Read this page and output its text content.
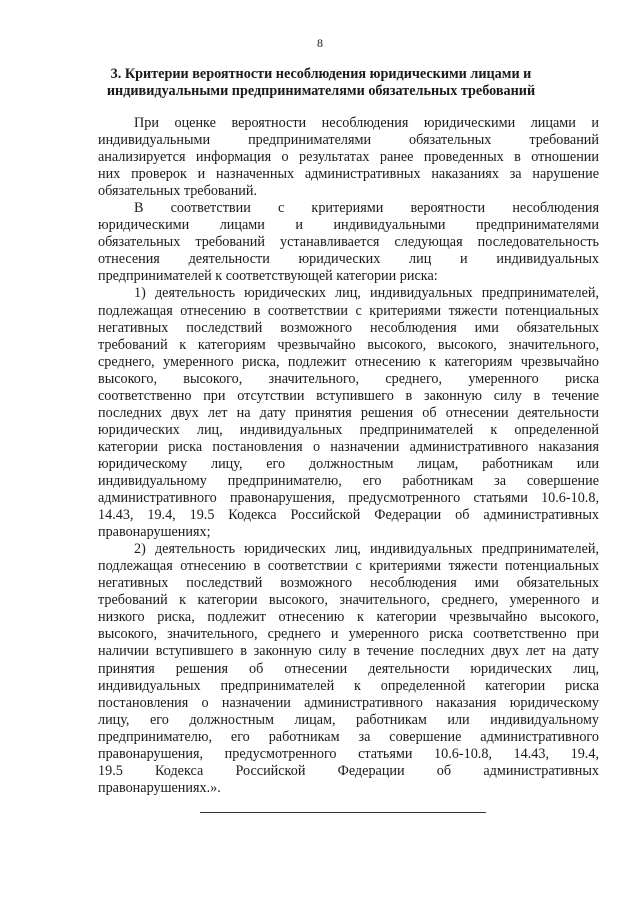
8
3. Критерии вероятности несоблюдения юридическими лицами и
индивидуальными предпринимателями обязательных требований

При оценке вероятности несоблюдения юридическими лицами и

индивидуальными предпринимателями обязательных требований

анализируется информация о результатах ранее проведенных в отношении

них проверок и назначенных административных наказаниях за нарушение

обязательных требований.

В соответствии с критериями вероятности несоблюдения

юридическими лицами и индивидуальными предпринимателями

обязательных требований устанавливается следующая последовательность

отнесения деятельности юридических лиц и индивидуальных

предпринимателей к соответствующей категории риска:

1) деятельность юридических лиц, индивидуальных предпринимателей,

подлежащая отнесению в соответствии с критериями тяжести потенциальных

негативных последствий возможного несоблюдения ими обязательных

требований к категориям чрезвычайно высокого, высокого, значительного,

среднего, умеренного риска, подлежит отнесению к категориям чрезвычайно

высокого, высокого, значительного, среднего, умеренного риска

соответственно при отсутствии вступившего в законную силу в течение

последних двух лет на дату принятия решения об отнесении деятельности

юридических лиц, индивидуальных предпринимателей к определенной

категории риска постановления о назначении административного наказания

юридическому лицу, его должностным лицам, работникам или

индивидуальному предпринимателю, его работникам за совершение

административного правонарушения, предусмотренного статьями 10.6-10.8,

14.43, 19.4, 19.5 Кодекса Российской Федерации об административных

правонарушениях;

2) деятельность юридических лиц, индивидуальных предпринимателей,

подлежащая отнесению в соответствии с критериями тяжести потенциальных

негативных последствий возможного несоблюдения ими обязательных

требований к категории высокого, значительного, среднего, умеренного и

низкого риска, подлежит отнесению к категории чрезвычайно высокого,

высокого, значительного, среднего и умеренного риска соответственно при

наличии вступившего в законную силу в течение последних двух лет на дату

принятия решения об отнесении деятельности юридических лиц,

индивидуальных предпринимателей к определенной категории риска

постановления о назначении административного наказания юридическому

лицу, его должностным лицам, работникам или индивидуальному

предпринимателю, его работникам за совершение административного

правонарушения, предусмотренного статьями 10.6-10.8, 14.43, 19.4,

19.5 Кодекса Российской Федерации об административных

правонарушениях.».
